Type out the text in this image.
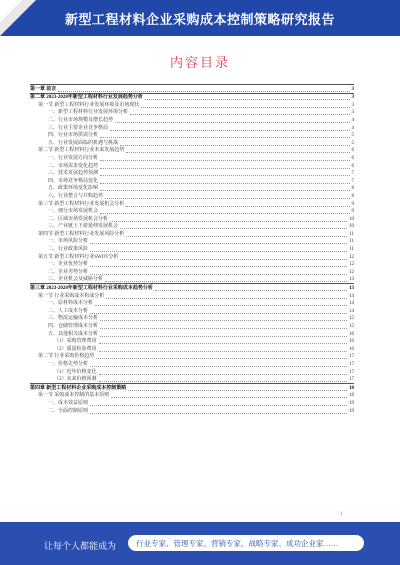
新型工程材料企业采购成本控制策略研究报告
内容目录
第一章 前言	3
第二章 2023-2028年新型工程材料行业发展趋势分析	3
第一节 新型工程材料行业发展环境及市场现状	3
一、新型工程材料行业发展环境分析	3
二、行业市场规模及增长趋势	4
三、行业主要企业竞争格局	4
四、行业市场供需分析	5
五、行业发展面临的机遇与挑战	5
第二节 新型工程材料行业未来发展趋势	6
一、行业发展方向分析	6
二、市场需求变化趋势	6
三、技术发展趋势预测	7
四、市场竞争格局变化	7
五、政策环境变化影响	8
六、行业整合与并购趋势	8
第三节 新型工程材料行业发展机会分析	9
一、细分市场发展机会	9
二、区域市场发展机会分析	10
三、产业链上下游延伸发展机会	10
第四节 新型工程材料行业发展风险分析	11
一、市场风险分析	11
二、行业政策风险	11
第五节 新型工程材料行业SWOT分析	12
一、企业优势分析	12
二、企业劣势分析	12
三、企业机会及威胁分析	13
第三章 2023-2028年新型工程材料行业采购成本趋势分析	13
第一节 行业采购成本构成分析	14
一、原材料成本分析	14
二、人工成本分析	14
三、物流运输成本分析	15
四、仓储管理成本分析	15
五、其他相关成本分析	16
（1）采购管理费用	16
（2）质量检验费用	16
第二节 行业采购价格趋势	17
一、价格走势分析	17
（1）近年价格变化	17
（2）未来价格预测	17
第四章 新型工程材料企业采购成本控制策略	18
第一节 采购成本控制的基本原则	18
一、成本效益原则	19
二、全面控制原则	19
1
让每个人都能成为	行业专家、管理专家、营销专家、战略专家、成功企业家……
